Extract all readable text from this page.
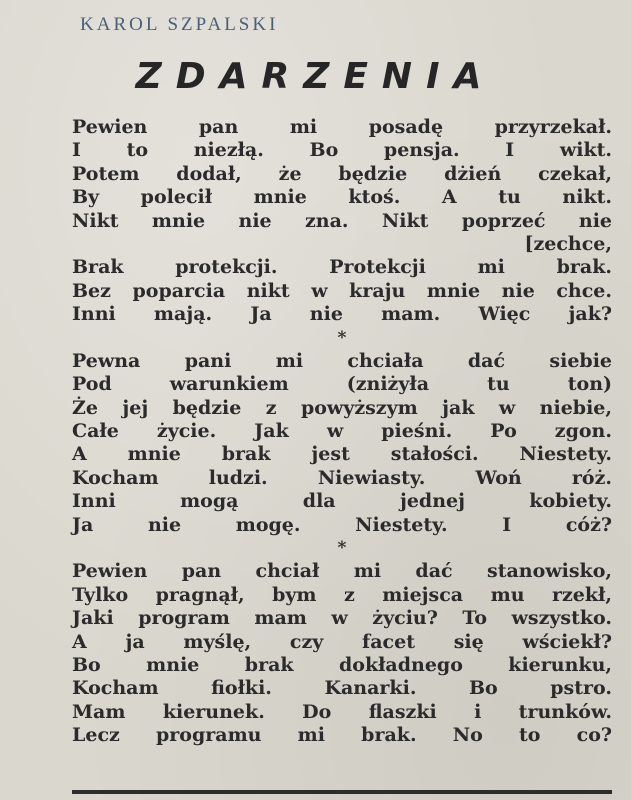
KAROL SZPALSKI
ZDARZENIA
Pewien pan mi posadę przyrzekał.
I to niezłą. Bo pensja. I wikt.
Potem dodał, że będzie dżień czekał,
By polecił mnie ktoś. A tu nikt.
Nikt mnie nie zna. Nikt poprzeć nie
[zechce,
Brak protekcji. Protekcji mi brak.
Bez poparcia nikt w kraju mnie nie chce.
Inni mają. Ja nie mam. Więc jak?
*
Pewna pani mi chciała dać siebie
Pod warunkiem (zniżyła tu ton)
Że jej będzie z powyższym jak w niebie,
Całe życie. Jak w pieśni. Po zgon.
A mnie brak jest stałości. Niestety.
Kocham ludzi. Niewiasty. Woń róż.
Inni mogą dla jednej kobiety.
Ja nie mogę. Niestety. I cóż?
*
Pewien pan chciał mi dać stanowisko,
Tylko pragnął, bym z miejsca mu rzekł,
Jaki program mam w życiu? To wszystko.
A ja myślę, czy facet się wściekł?
Bo mnie brak dokładnego kierunku,
Kocham fiołki. Kanarki. Bo pstro.
Mam kierunek. Do flaszki i trunków.
Lecz programu mi brak. No to co?
